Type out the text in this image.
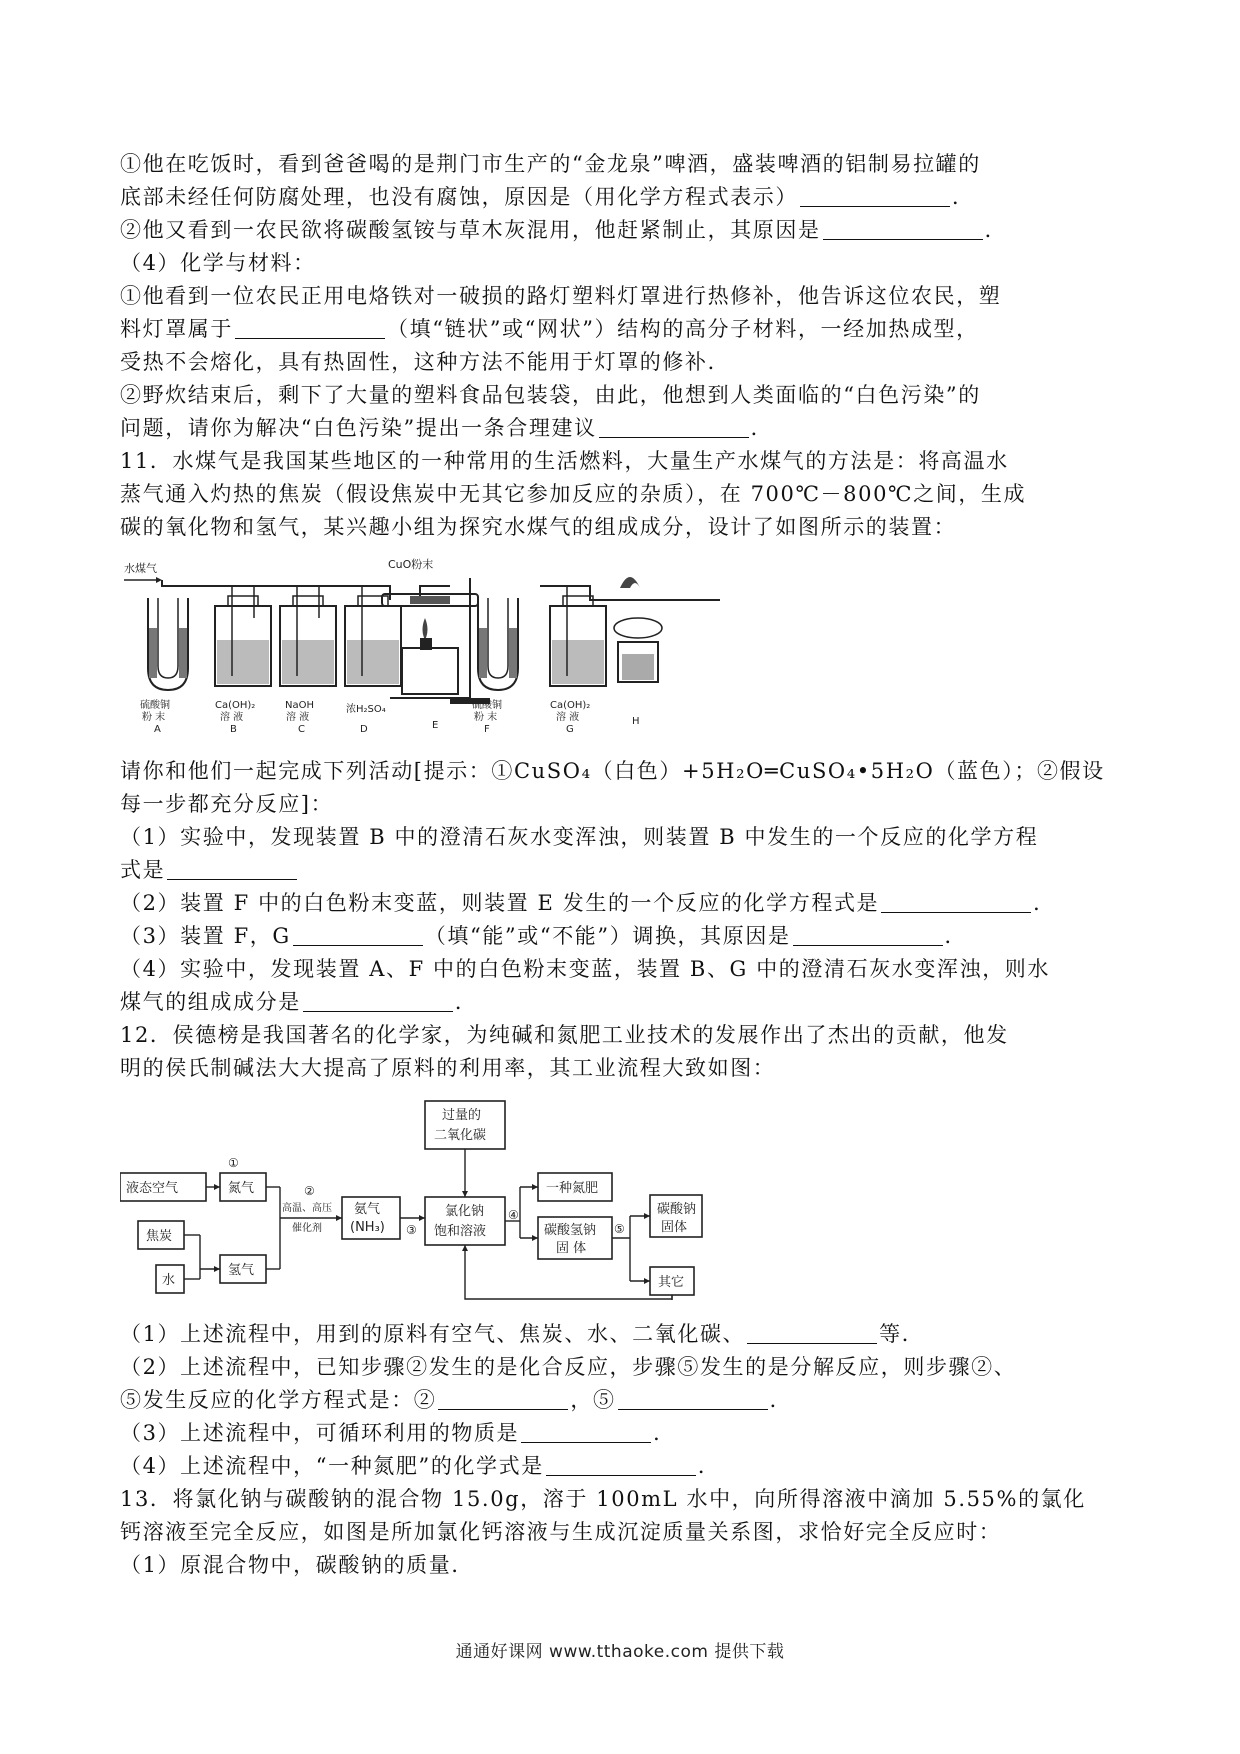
①他在吃饭时，看到爸爸喝的是荆门市生产的“金龙泉”啤酒，盛装啤酒的铝制易拉罐的

底部未经任何防腐处理，也没有腐蚀，原因是（用化学方程式表示）	．

②他又看到一农民欲将碳酸氢铵与草木灰混用，他赶紧制止，其原因是	．

（4）化学与材料：

①他看到一位农民正用电烙铁对一破损的路灯塑料灯罩进行热修补，他告诉这位农民，塑

料灯罩属于	（填“链状”或“网状”）结构的高分子材料，一经加热成型，

受热不会熔化，具有热固性，这种方法不能用于灯罩的修补．

②野炊结束后，剩下了大量的塑料食品包装袋，由此，他想到人类面临的“白色污染”的

问题，请你为解决“白色污染”提出一条合理建议	．

11．水煤气是我国某些地区的一种常用的生活燃料，大量生产水煤气的方法是：将高温水

蒸气通入灼热的焦炭（假设焦炭中无其它参加反应的杂质），在 700℃－800℃之间，生成

碳的氧化物和氢气，某兴趣小组为探究水煤气的组成成分，设计了如图所示的装置：

水煤气	CuO粉末
硫酸铜
粉 末
A
Ca(OH)₂
溶 液
B
NaOH
溶 液
C
浓H₂SO₄
D	E
硫酸铜
粉 末
F
Ca(OH)₂
溶 液
G
H

请你和他们一起完成下列活动[提示：①CuSO₄（白色）+5H₂O═CuSO₄•5H₂O（蓝色）；②假设

每一步都充分反应]：

（1）实验中，发现装置 B 中的澄清石灰水变浑浊，则装置 B 中发生的一个反应的化学方程

式是

（2）装置 F 中的白色粉末变蓝，则装置 E 发生的一个反应的化学方程式是	．

（3）装置 F，G	（填“能”或“不能”）调换，其原因是	．

（4）实验中，发现装置 A、F 中的白色粉末变蓝，装置 B、G 中的澄清石灰水变浑浊，则水

煤气的组成成分是	．

12．侯德榜是我国著名的化学家，为纯碱和氮肥工业技术的发展作出了杰出的贡献，他发

明的侯氏制碱法大大提高了原料的利用率，其工业流程大致如图：

液态空气	氮气
焦炭
水
氢气
氨气
(NH₃)
过量的
二氧化碳
氯化钠
饱和溶液
一种氮肥
碳酸氢钠
固 体
碳酸钠
固体
其它
高温、高压
催化剂
①
②
③
④
⑤

（1）上述流程中，用到的原料有空气、焦炭、水、二氧化碳、	等．

（2）上述流程中，已知步骤②发生的是化合反应，步骤⑤发生的是分解反应，则步骤②、

⑤发生反应的化学方程式是：②	，⑤	．

（3）上述流程中，可循环利用的物质是	．

（4）上述流程中，“一种氮肥”的化学式是	．

13．将氯化钠与碳酸钠的混合物 15.0g，溶于 100mL 水中，向所得溶液中滴加 5.55%的氯化

钙溶液至完全反应，如图是所加氯化钙溶液与生成沉淀质量关系图，求恰好完全反应时：

（1）原混合物中，碳酸钠的质量．

通通好课网 www.tthaoke.com 提供下载
